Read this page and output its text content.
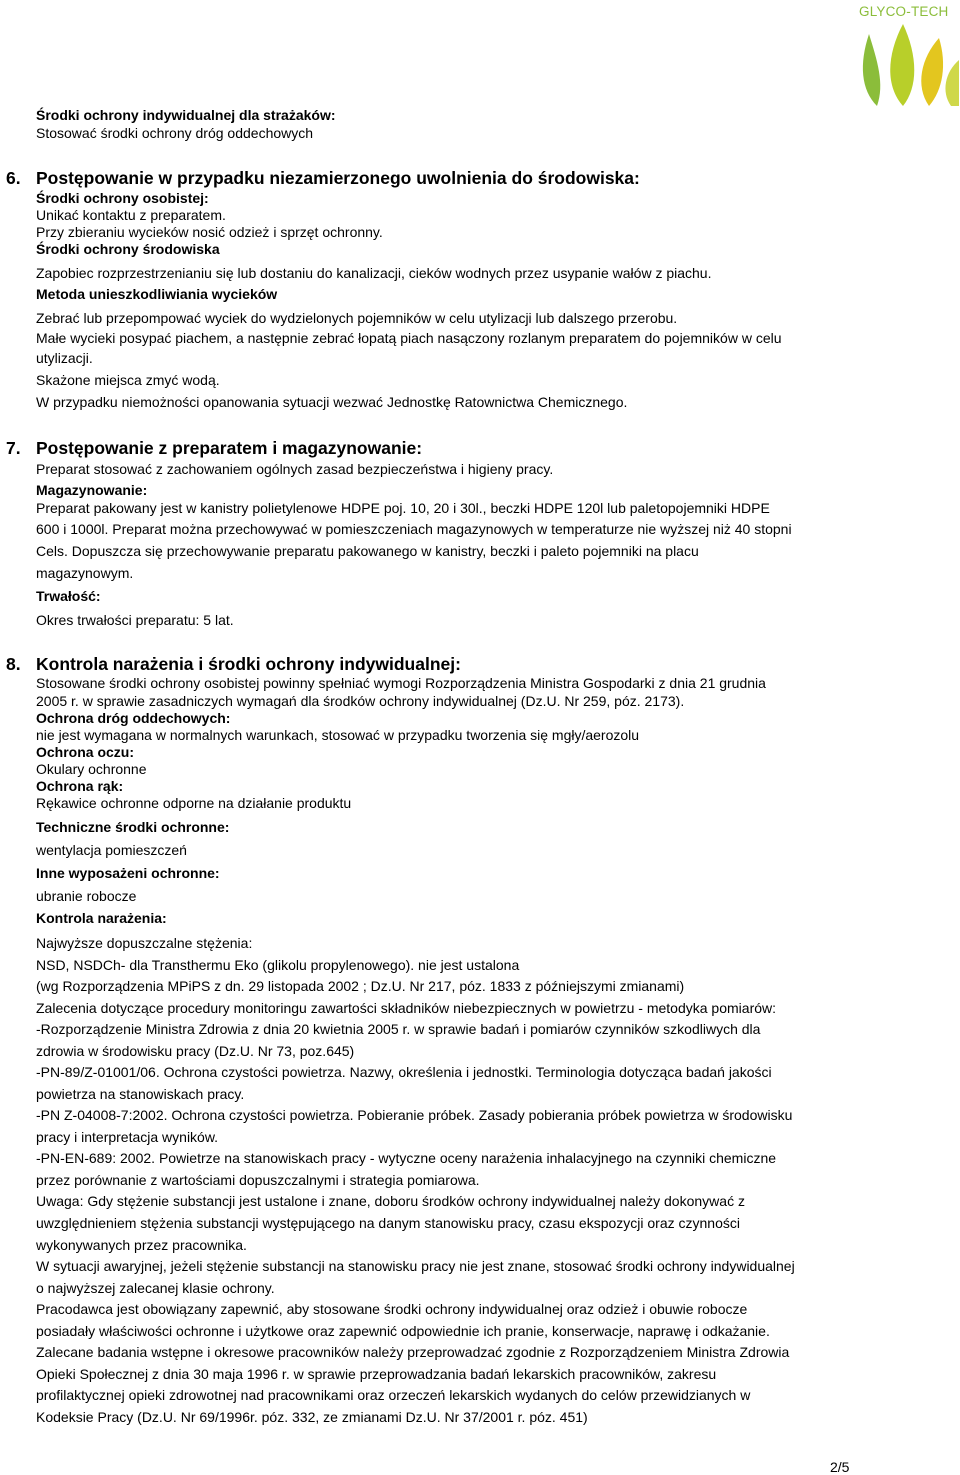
GLYCO-TECH
Środki ochrony indywidualnej dla strażaków:
Stosować środki ochrony dróg oddechowych
6. Postępowanie w przypadku niezamierzonego uwolnienia do środowiska:
Środki ochrony osobistej:
Unikać kontaktu z preparatem.
Przy zbieraniu wycieków nosić odzież i sprzęt ochronny.
Środki ochrony środowiska
Zapobiec rozprzestrzenianiu się lub dostaniu do kanalizacji, cieków wodnych przez usypanie wałów z piachu.
Metoda unieszkodliwiania wycieków
Zebrać lub przepompować wyciek do wydzielonych pojemników w celu utylizacji lub dalszego przerobu.
Małe wycieki posypać piachem, a następnie zebrać łopatą piach nasączony rozlanym preparatem do pojemników w celu
utylizacji.
Skażone miejsca zmyć wodą.
W przypadku niemożności opanowania sytuacji wezwać Jednostkę Ratownictwa Chemicznego.
7. Postępowanie z preparatem i magazynowanie:
Preparat stosować z zachowaniem ogólnych zasad bezpieczeństwa i higieny pracy.
Magazynowanie:
Preparat pakowany jest w kanistry polietylenowe HDPE poj. 10, 20 i 30l., beczki HDPE 120l lub paletopojemniki HDPE
600 i 1000l. Preparat można przechowywać w pomieszczeniach magazynowych w temperaturze nie wyższej niż 40 stopni
Cels. Dopuszcza się przechowywanie preparatu pakowanego w kanistry, beczki i paleto pojemniki na placu
magazynowym.
Trwałość:
Okres trwałości preparatu: 5 lat.
8. Kontrola narażenia i środki ochrony indywidualnej:
Stosowane środki ochrony osobistej powinny spełniać wymogi Rozporządzenia Ministra Gospodarki z dnia 21 grudnia
2005 r. w sprawie zasadniczych wymagań dla środków ochrony indywidualnej (Dz.U. Nr 259, póz. 2173).
Ochrona dróg oddechowych:
nie jest wymagana w normalnych warunkach, stosować w przypadku tworzenia się mgły/aerozolu
Ochrona oczu:
Okulary ochronne
Ochrona rąk:
Rękawice ochronne odporne na działanie produktu
Techniczne środki ochronne:
wentylacja pomieszczeń
Inne wyposażeni ochronne:
ubranie robocze
Kontrola narażenia:
Najwyższe dopuszczalne stężenia:
NSD, NSDCh- dla Transthermu Eko (glikolu propylenowego). nie jest ustalona
(wg Rozporządzenia MPiPS z dn. 29 listopada 2002 ; Dz.U. Nr 217, póz. 1833 z późniejszymi zmianami)
Zalecenia dotyczące procedury monitoringu zawartości składników niebezpiecznych w powietrzu - metodyka pomiarów:
-Rozporządzenie Ministra Zdrowia z dnia 20 kwietnia 2005 r. w sprawie badań i pomiarów czynników szkodliwych dla
zdrowia w środowisku pracy (Dz.U. Nr 73, poz.645)
-PN-89/Z-01001/06. Ochrona czystości powietrza. Nazwy, określenia i jednostki. Terminologia dotycząca badań jakości
powietrza na stanowiskach pracy.
-PN Z-04008-7:2002. Ochrona czystości powietrza. Pobieranie próbek. Zasady pobierania próbek powietrza w środowisku
pracy i interpretacja wyników.
-PN-EN-689: 2002. Powietrze na stanowiskach pracy - wytyczne oceny narażenia inhalacyjnego na czynniki chemiczne
przez porównanie z wartościami dopuszczalnymi i strategia pomiarowa.
Uwaga: Gdy stężenie substancji jest ustalone i znane, doboru środków ochrony indywidualnej należy dokonywać z
uwzględnieniem stężenia substancji występującego na danym stanowisku pracy, czasu ekspozycji oraz czynności
wykonywanych przez pracownika.
W sytuacji awaryjnej, jeżeli stężenie substancji na stanowisku pracy nie jest znane, stosować środki ochrony indywidualnej
o najwyższej zalecanej klasie ochrony.
Pracodawca jest obowiązany zapewnić, aby stosowane środki ochrony indywidualnej oraz odzież i obuwie robocze
posiadały właściwości ochronne i użytkowe oraz zapewnić odpowiednie ich pranie, konserwacje, naprawę i odkażanie.
Zalecane badania wstępne i okresowe pracowników należy przeprowadzać zgodnie z Rozporządzeniem Ministra Zdrowia
Opieki Społecznej z dnia 30 maja 1996 r. w sprawie przeprowadzania badań lekarskich pracowników, zakresu
profilaktycznej opieki zdrowotnej nad pracownikami oraz orzeczeń lekarskich wydanych do celów przewidzianych w
Kodeksie Pracy (Dz.U. Nr 69/1996r. póz. 332, ze zmianami Dz.U. Nr 37/2001 r. póz. 451)
2/5
